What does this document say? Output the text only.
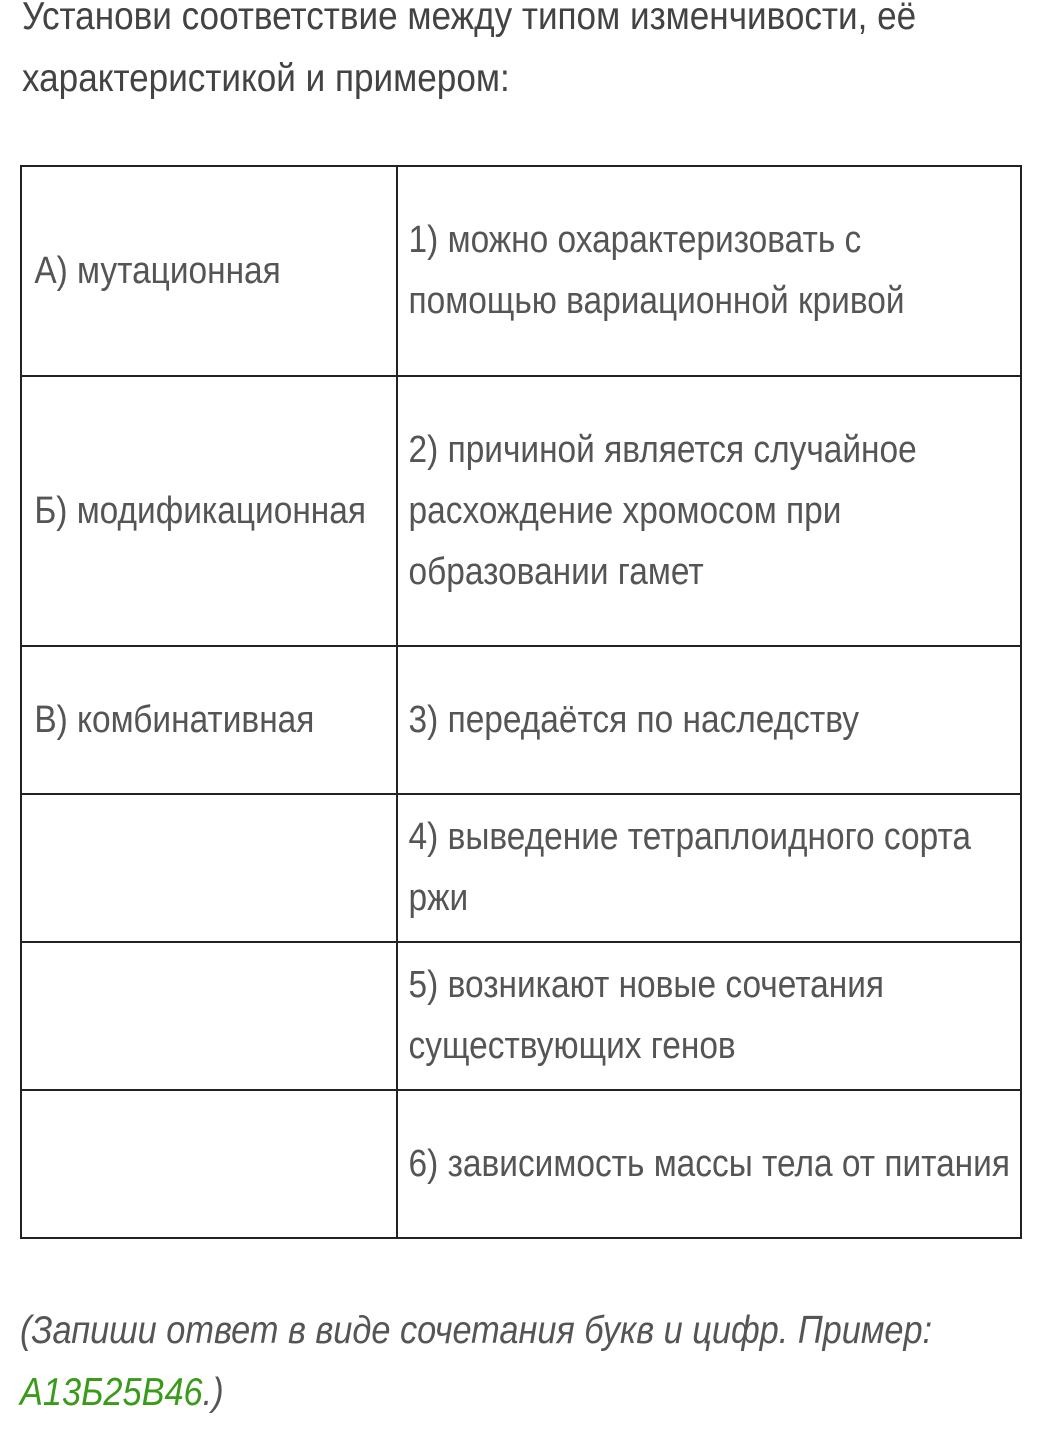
Установи соответствие между типом изменчивости, её характеристикой и примером:
А) мутационная	1) можно охарактеризовать с помощью вариационной кривой

Б) модификационная	2) причиной является случайное расхождение хромосом при образовании гамет

В) комбинативная	3) передаётся по наследству

	4) выведение тетраплоидного сорта ржи

	5) возникают новые сочетания существующих генов

	6) зависимость массы тела от питания
(Запиши ответ в виде сочетания букв и цифр. Пример:
А13Б25В46.)
